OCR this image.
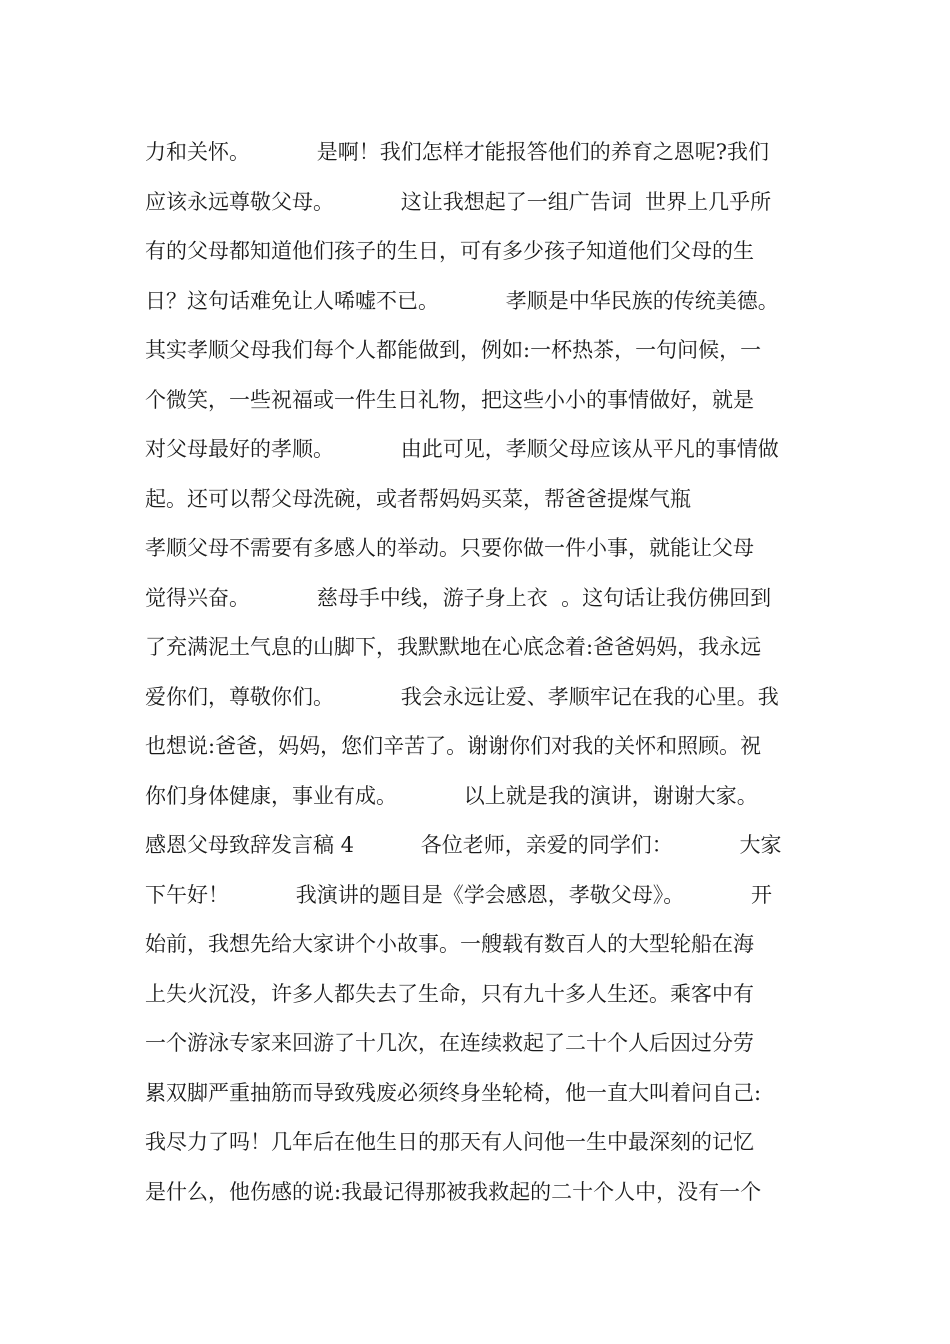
力和关怀。          是啊！我们怎样才能报答他们的养育之恩呢?我们
应该永远尊敬父母。          这让我想起了一组广告词  世界上几乎所
有的父母都知道他们孩子的生日，可有多少孩子知道他们父母的生
日？这句话难免让人唏嘘不已。          孝顺是中华民族的传统美德。
其实孝顺父母我们每个人都能做到，例如:一杯热茶，一句问候，一
个微笑，一些祝福或一件生日礼物，把这些小小的事情做好，就是
对父母最好的孝顺。          由此可见，孝顺父母应该从平凡的事情做
起。还可以帮父母洗碗，或者帮妈妈买菜，帮爸爸提煤气瓶
孝顺父母不需要有多感人的举动。只要你做一件小事，就能让父母
觉得兴奋。          慈母手中线，游子身上衣  。这句话让我仿佛回到
了充满泥土气息的山脚下，我默默地在心底念着:爸爸妈妈，我永远
爱你们，尊敬你们。          我会永远让爱、孝顺牢记在我的心里。我
也想说:爸爸，妈妈，您们辛苦了。谢谢你们对我的关怀和照顾。祝
你们身体健康，事业有成。          以上就是我的演讲，谢谢大家。
感恩父母致辞发言稿 4          各位老师，亲爱的同学们：          大家
下午好！          我演讲的题目是《学会感恩，孝敬父母》。          开
始前，我想先给大家讲个小故事。一艘载有数百人的大型轮船在海
上失火沉没，许多人都失去了生命，只有九十多人生还。乘客中有
一个游泳专家来回游了十几次，在连续救起了二十个人后因过分劳
累双脚严重抽筋而导致残废必须终身坐轮椅，他一直大叫着问自己:
我尽力了吗！几年后在他生日的那天有人问他一生中最深刻的记忆
是什么，他伤感的说:我最记得那被我救起的二十个人中，没有一个
